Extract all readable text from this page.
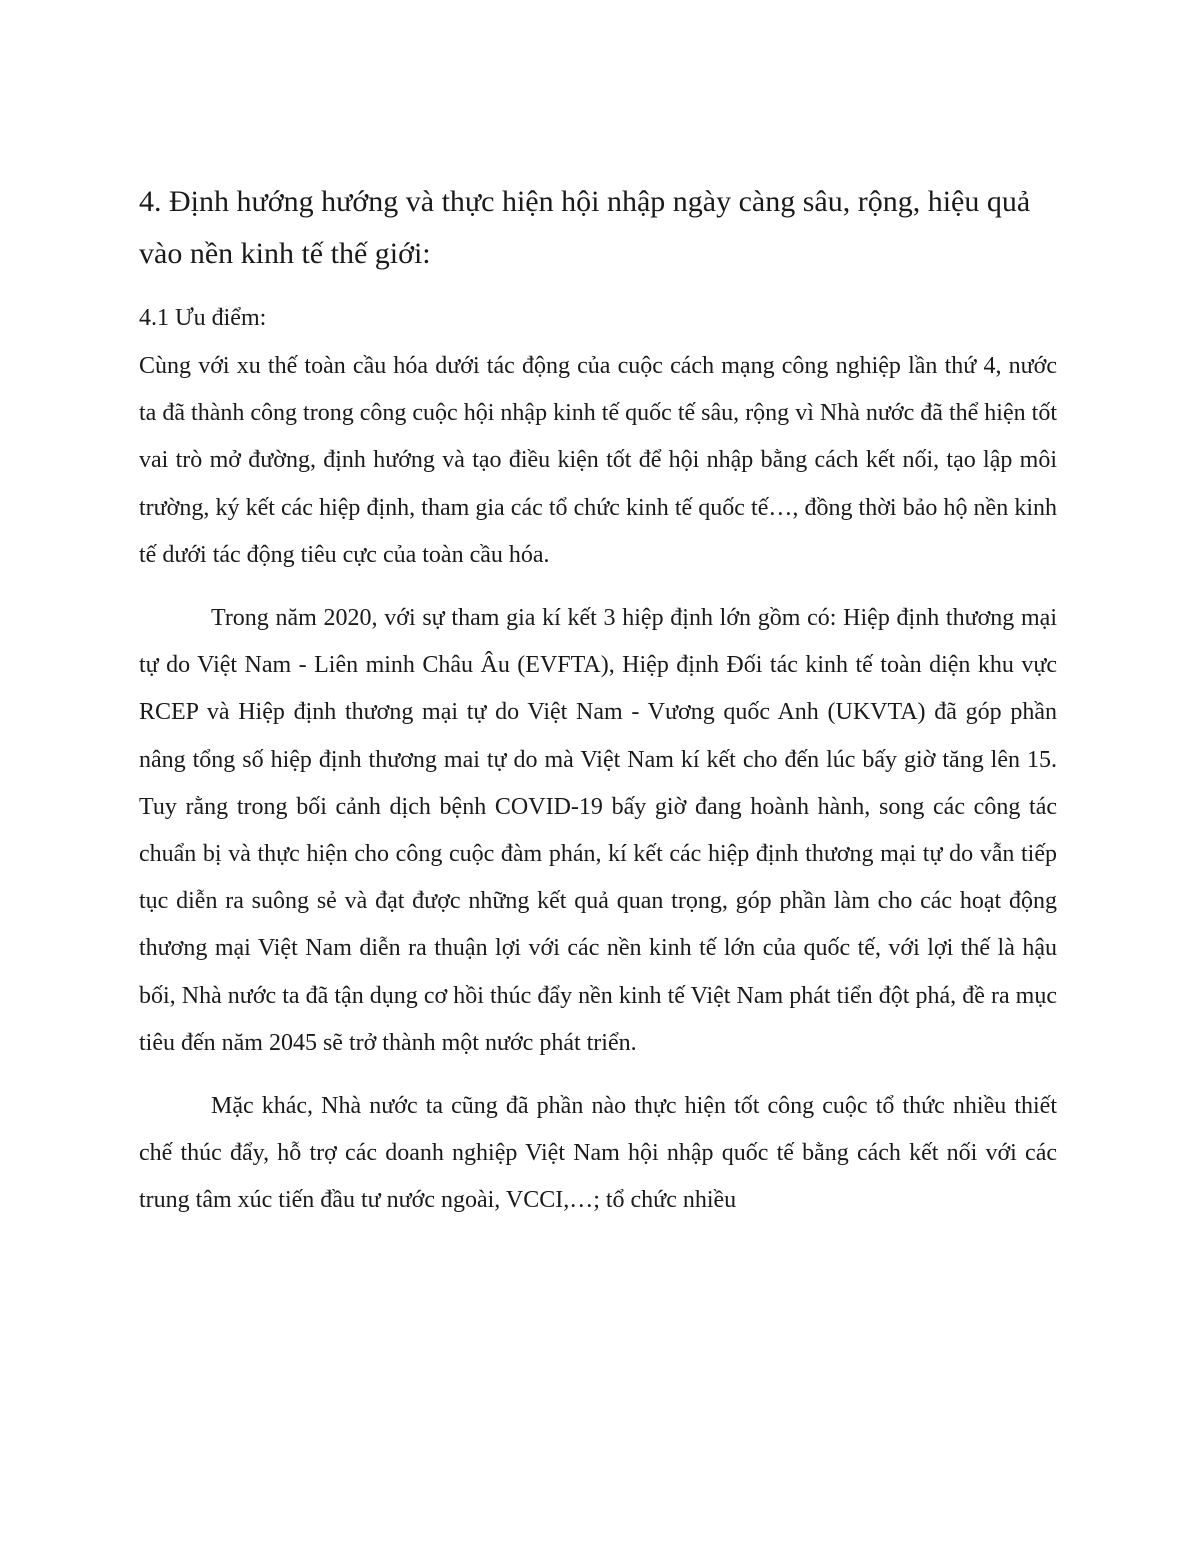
4. Định hướng hướng và thực hiện hội nhập ngày càng sâu, rộng, hiệu quả vào nền kinh tế thế giới:
4.1 Ưu điểm:

Cùng với xu thế toàn cầu hóa dưới tác động của cuộc cách mạng công nghiệp lần thứ 4, nước ta đã thành công trong công cuộc hội nhập kinh tế quốc tế sâu, rộng vì Nhà nước đã thể hiện tốt vai trò mở đường, định hướng và tạo điều kiện tốt để hội nhập bằng cách kết nối, tạo lập môi trường, ký kết các hiệp định, tham gia các tổ chức kinh tế quốc tế…, đồng thời bảo hộ nền kinh tế dưới tác động tiêu cực của toàn cầu hóa.

Trong năm 2020, với sự tham gia kí kết 3 hiệp định lớn gồm có: Hiệp định thương mại tự do Việt Nam - Liên minh Châu Âu (EVFTA), Hiệp định Đối tác kinh tế toàn diện khu vực RCEP và Hiệp định thương mại tự do Việt Nam - Vương quốc Anh (UKVTA) đã góp phần nâng tổng số hiệp định thương mai tự do mà Việt Nam kí kết cho đến lúc bấy giờ tăng lên 15. Tuy rằng trong bối cảnh dịch bệnh COVID-19 bấy giờ đang hoành hành, song các công tác chuẩn bị và thực hiện cho công cuộc đàm phán, kí kết các hiệp định thương mại tự do vẫn tiếp tục diễn ra suông sẻ và đạt được những kết quả quan trọng, góp phần làm cho các hoạt động thương mại Việt Nam diễn ra thuận lợi với các nền kinh tế lớn của quốc tế, với lợi thế là hậu bối, Nhà nước ta đã tận dụng cơ hồi thúc đẩy nền kinh tế Việt Nam phát tiển đột phá, đề ra mục tiêu đến năm 2045 sẽ trở thành một nước phát triển.

Mặc khác, Nhà nước ta cũng đã phần nào thực hiện tốt công cuộc tổ thức nhiều thiết chế thúc đẩy, hỗ trợ các doanh nghiệp Việt Nam hội nhập quốc tế bằng cách kết nối với các trung tâm xúc tiến đầu tư nước ngoài, VCCI,…; tổ chức nhiều
